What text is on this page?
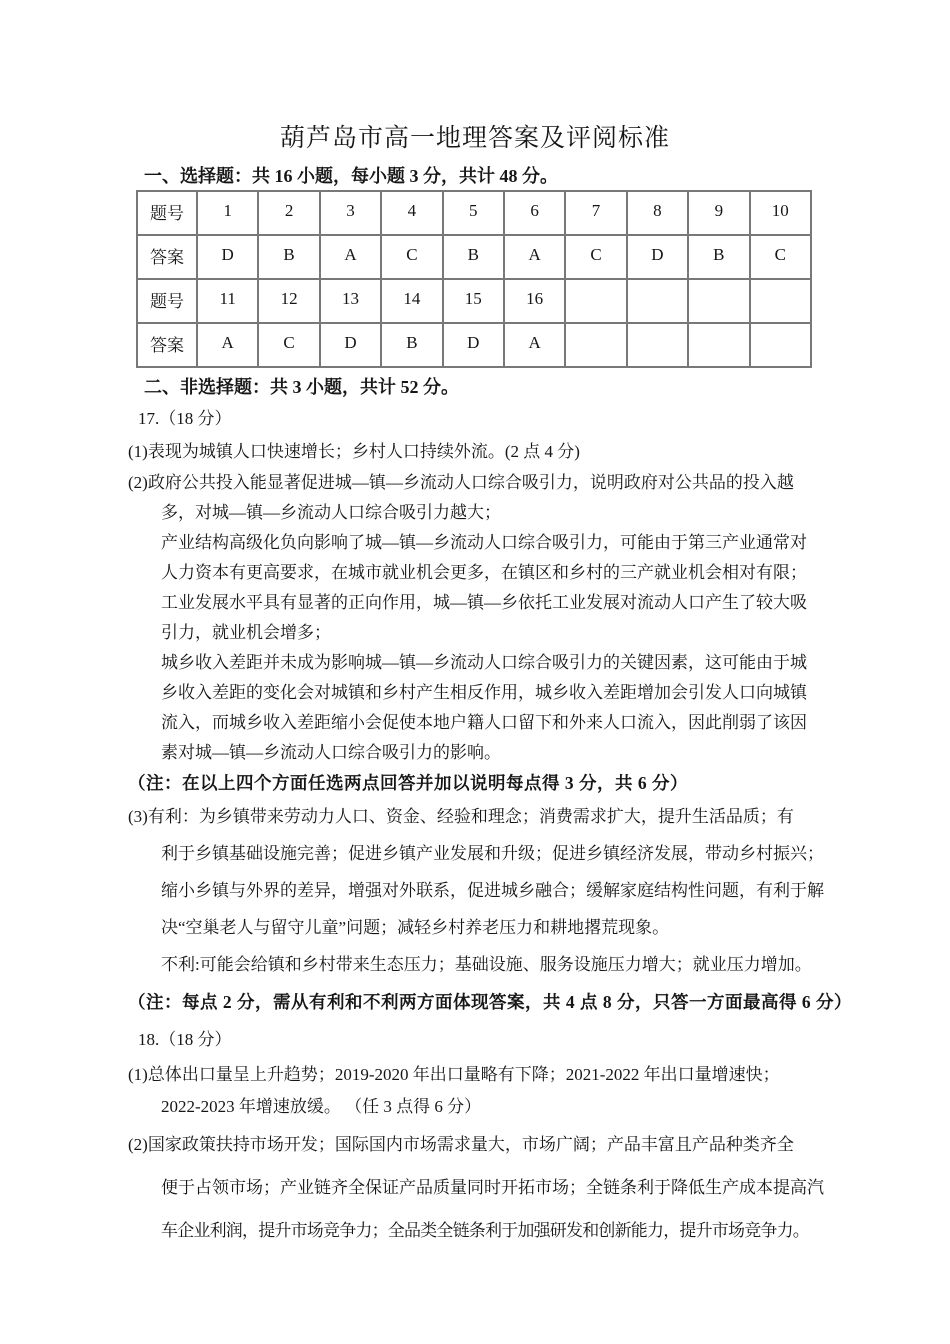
葫芦岛市高一地理答案及评阅标准
一、选择题：共 16 小题，每小题 3 分，共计 48 分。
题号	1	2	3	4	5	6	7	8	9	10
答案	D	B	A	C	B	A	C	D	B	C
题号	11	12	13	14	15	16				
答案	A	C	D	B	D	A				
二、非选择题：共 3 小题，共计 52 分。
17.（18 分）
(1)表现为城镇人口快速增长；乡村人口持续外流。(2 点 4 分)
(2)政府公共投入能显著促进城—镇—乡流动人口综合吸引力，说明政府对公共品的投入越
多，对城—镇—乡流动人口综合吸引力越大；
产业结构高级化负向影响了城—镇—乡流动人口综合吸引力，可能由于第三产业通常对
人力资本有更高要求，在城市就业机会更多，在镇区和乡村的三产就业机会相对有限；
工业发展水平具有显著的正向作用，城—镇—乡依托工业发展对流动人口产生了较大吸
引力，就业机会增多；
城乡收入差距并未成为影响城—镇—乡流动人口综合吸引力的关键因素，这可能由于城
乡收入差距的变化会对城镇和乡村产生相反作用，城乡收入差距增加会引发人口向城镇
流入，而城乡收入差距缩小会促使本地户籍人口留下和外来人口流入，因此削弱了该因
素对城—镇—乡流动人口综合吸引力的影响。
（注：在以上四个方面任选两点回答并加以说明每点得 3 分，共 6 分）
(3)有利：为乡镇带来劳动力人口、资金、经验和理念；消费需求扩大，提升生活品质；有
利于乡镇基础设施完善；促进乡镇产业发展和升级；促进乡镇经济发展，带动乡村振兴；
缩小乡镇与外界的差异，增强对外联系，促进城乡融合；缓解家庭结构性问题，有利于解
决“空巢老人与留守儿童”问题；减轻乡村养老压力和耕地撂荒现象。
不利:可能会给镇和乡村带来生态压力；基础设施、服务设施压力增大；就业压力增加。
（注：每点 2 分，需从有利和不利两方面体现答案，共 4 点 8 分，只答一方面最高得 6 分）
18.（18 分）
(1)总体出口量呈上升趋势；2019-2020 年出口量略有下降；2021-2022 年出口量增速快；
2022-2023 年增速放缓。 （任 3 点得 6 分）
(2)国家政策扶持市场开发；国际国内市场需求量大，市场广阔；产品丰富且产品种类齐全
便于占领市场；产业链齐全保证产品质量同时开拓市场；全链条利于降低生产成本提高汽
车企业利润，提升市场竞争力；全品类全链条利于加强研发和创新能力，提升市场竞争力。
